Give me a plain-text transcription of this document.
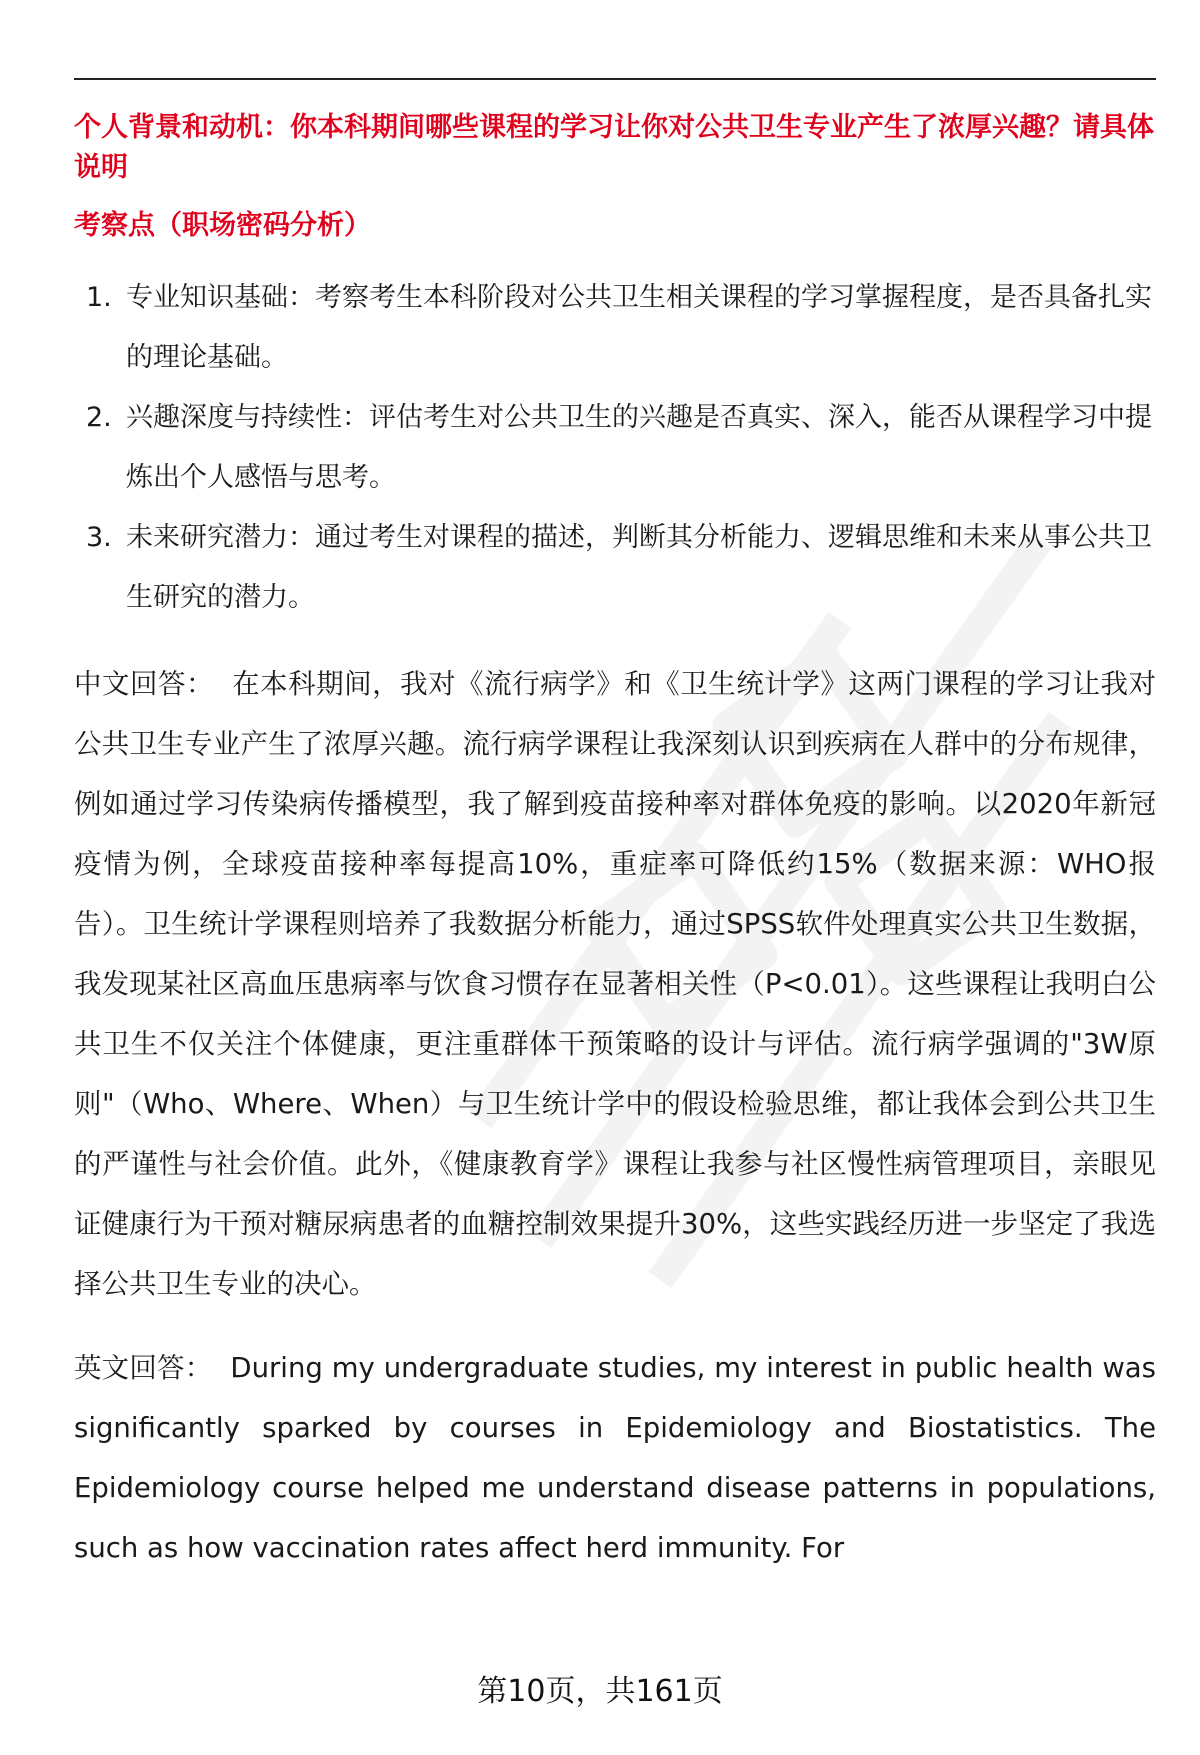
个人背景和动机：你本科期间哪些课程的学习让你对公共卫生专业产生了浓厚兴趣？请具体说明

考察点（职场密码分析）

1. 专业知识基础：考察考生本科阶段对公共卫生相关课程的学习掌握程度，是否具备扎实的理论基础。
2. 兴趣深度与持续性：评估考生对公共卫生的兴趣是否真实、深入，能否从课程学习中提炼出个人感悟与思考。
3. 未来研究潜力：通过考生对课程的描述，判断其分析能力、逻辑思维和未来从事公共卫生研究的潜力。

中文回答： 在本科期间，我对《流行病学》和《卫生统计学》这两门课程的学习让我对公共卫生专业产生了浓厚兴趣。流行病学课程让我深刻认识到疾病在人群中的分布规律，例如通过学习传染病传播模型，我了解到疫苗接种率对群体免疫的影响。以2020年新冠疫情为例，全球疫苗接种率每提高10%，重症率可降低约15%（数据来源：WHO报告）。卫生统计学课程则培养了我数据分析能力，通过SPSS软件处理真实公共卫生数据，我发现某社区高血压患病率与饮食习惯存在显著相关性（P<0.01）。这些课程让我明白公共卫生不仅关注个体健康，更注重群体干预策略的设计与评估。流行病学强调的"3W原则"（Who、Where、When）与卫生统计学中的假设检验思维，都让我体会到公共卫生的严谨性与社会价值。此外，《健康教育学》课程让我参与社区慢性病管理项目，亲眼见证健康行为干预对糖尿病患者的血糖控制效果提升30%，这些实践经历进一步坚定了我选择公共卫生专业的决心。

英文回答： During my undergraduate studies, my interest in public health was significantly sparked by courses in Epidemiology and Biostatistics. The Epidemiology course helped me understand disease patterns in populations, such as how vaccination rates affect herd immunity. For

第10页，共161页
